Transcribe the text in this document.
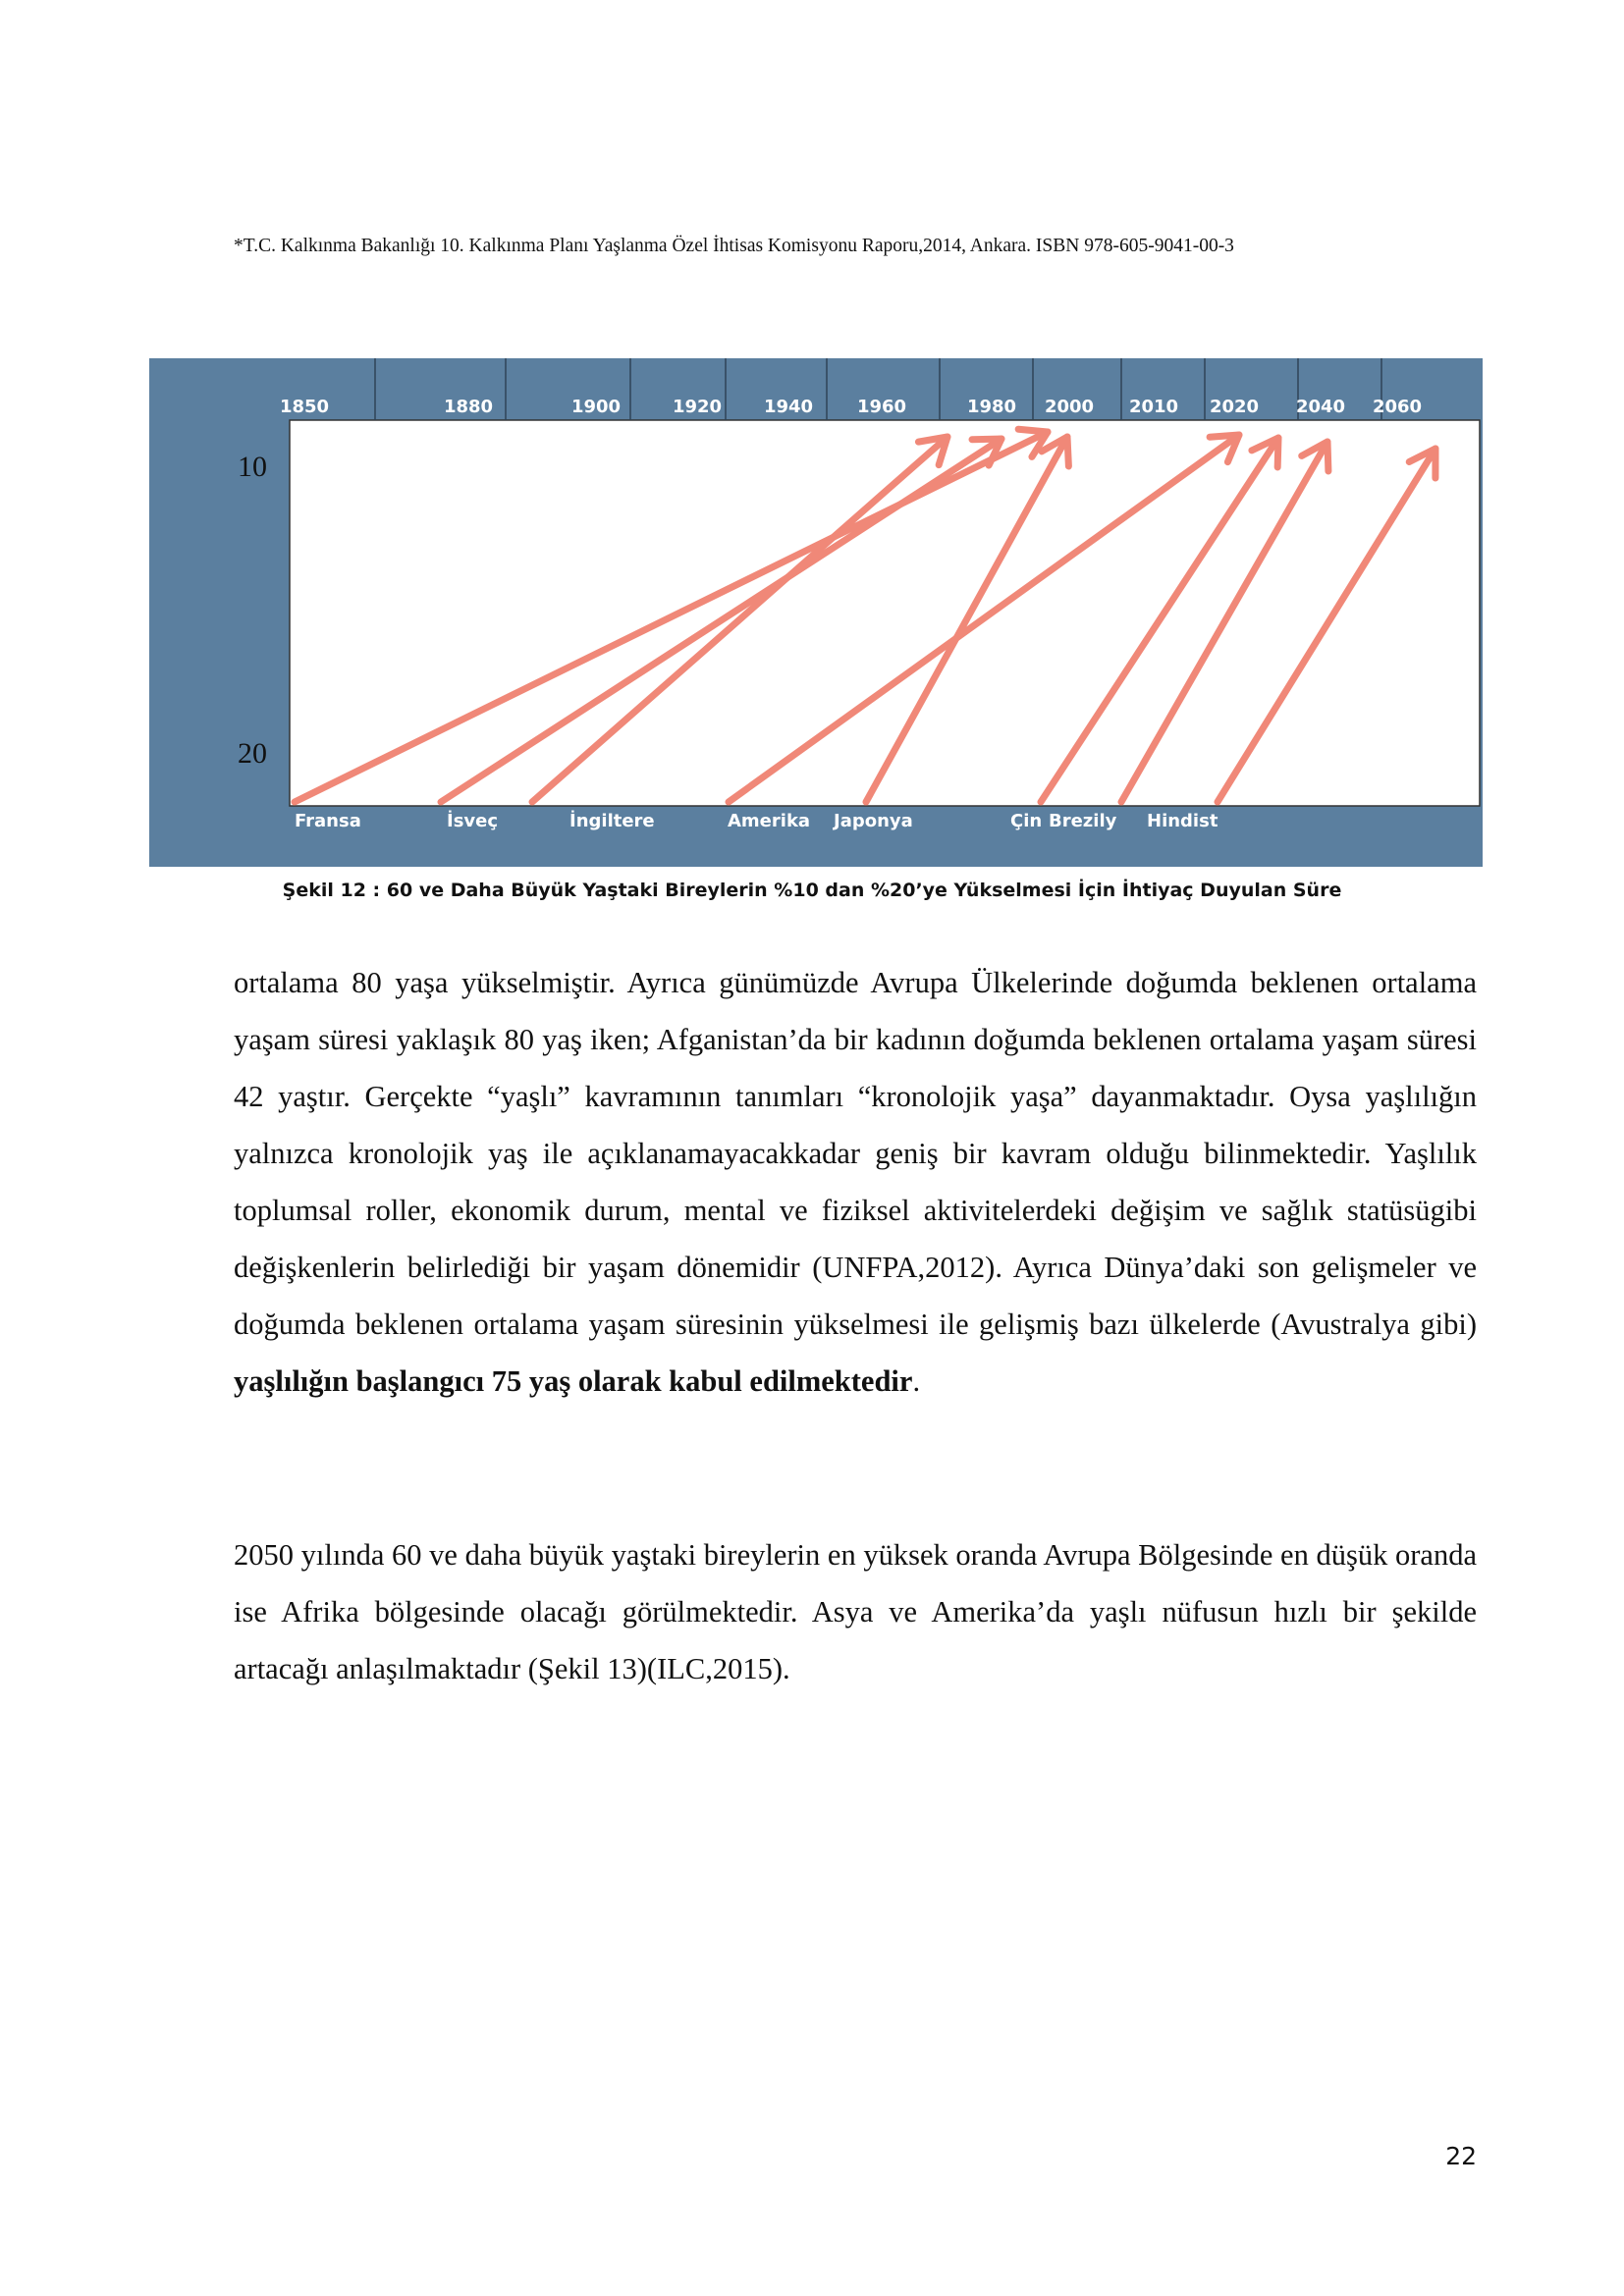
*T.C. Kalkınma Bakanlığı 10. Kalkınma Planı Yaşlanma Özel İhtisas Komisyonu Raporu,2014, Ankara. ISBN 978-605-9041-00-3
1850	1880	1900	1920 1940 1960	1980 2000 2010 2020 2040 2060
10
20
Fransa	İsveç	İngiltere	Amerika Japonya	Çin Brezily Hindist
Şekil 12 : 60 ve Daha Büyük Yaştaki Bireylerin %10 dan %20’ye Yükselmesi İçin İhtiyaç Duyulan Süre

ortalama 80 yaşa yükselmiştir. Ayrıca günümüzde Avrupa Ülkelerinde doğumda beklenen ortalama yaşam süresi yaklaşık 80 yaş iken; Afganistan’da bir kadının doğumda beklenen ortalama yaşam süresi 42 yaştır. Gerçekte “yaşlı” kavramının tanımları “kronolojik yaşa” dayanmaktadır. Oysa yaşlılığın yalnızca kronolojik yaş ile açıklanamayacakkadar geniş bir kavram olduğu bilinmektedir. Yaşlılık toplumsal roller, ekonomik durum, mental ve fiziksel aktivitelerdeki değişim ve sağlık statüsügibi değişkenlerin belirlediği bir yaşam dönemidir (UNFPA,2012). Ayrıca Dünya’daki son gelişmeler ve doğumda beklenen ortalama yaşam süresinin yükselmesi ile gelişmiş bazı ülkelerde (Avustralya gibi) yaşlılığın başlangıcı 75 yaş olarak kabul edilmektedir.

2050 yılında 60 ve daha büyük yaştaki bireylerin en yüksek oranda Avrupa Bölgesinde en düşük oranda ise Afrika bölgesinde olacağı görülmektedir. Asya ve Amerika’da yaşlı nüfusun hızlı bir şekilde artacağı anlaşılmaktadır (Şekil 13)(ILC,2015).

22
